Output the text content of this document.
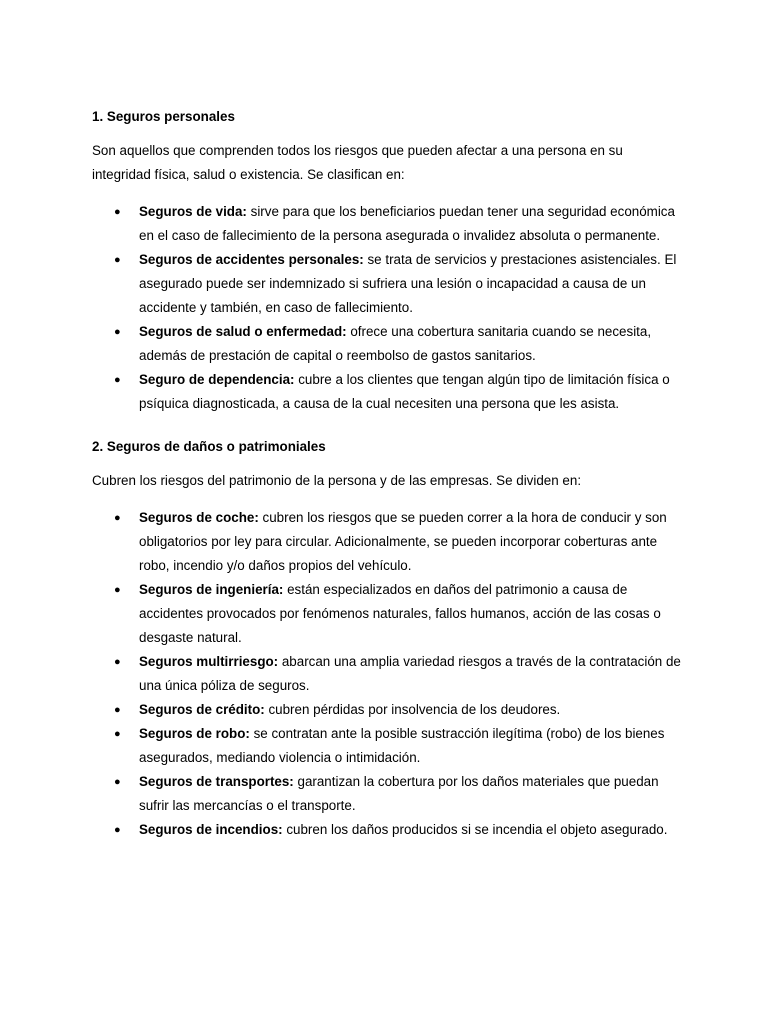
1. Seguros personales

Son aquellos que comprenden todos los riesgos que pueden afectar a una persona en su integridad física, salud o existencia. Se clasifican en:

● Seguros de vida: sirve para que los beneficiarios puedan tener una seguridad económica en el caso de fallecimiento de la persona asegurada o invalidez absoluta o permanente.
● Seguros de accidentes personales: se trata de servicios y prestaciones asistenciales. El asegurado puede ser indemnizado si sufriera una lesión o incapacidad a causa de un accidente y también, en caso de fallecimiento.
● Seguros de salud o enfermedad: ofrece una cobertura sanitaria cuando se necesita, además de prestación de capital o reembolso de gastos sanitarios.
● Seguro de dependencia: cubre a los clientes que tengan algún tipo de limitación física o psíquica diagnosticada, a causa de la cual necesiten una persona que les asista.

2. Seguros de daños o patrimoniales

Cubren los riesgos del patrimonio de la persona y de las empresas. Se dividen en:

● Seguros de coche: cubren los riesgos que se pueden correr a la hora de conducir y son obligatorios por ley para circular. Adicionalmente, se pueden incorporar coberturas ante robo, incendio y/o daños propios del vehículo.
● Seguros de ingeniería: están especializados en daños del patrimonio a causa de accidentes provocados por fenómenos naturales, fallos humanos, acción de las cosas o desgaste natural.
● Seguros multirriesgo: abarcan una amplia variedad riesgos a través de la contratación de una única póliza de seguros.
● Seguros de crédito: cubren pérdidas por insolvencia de los deudores.
● Seguros de robo: se contratan ante la posible sustracción ilegítima (robo) de los bienes asegurados, mediando violencia o intimidación.
● Seguros de transportes: garantizan la cobertura por los daños materiales que puedan sufrir las mercancías o el transporte.
● Seguros de incendios: cubren los daños producidos si se incendia el objeto asegurado.
